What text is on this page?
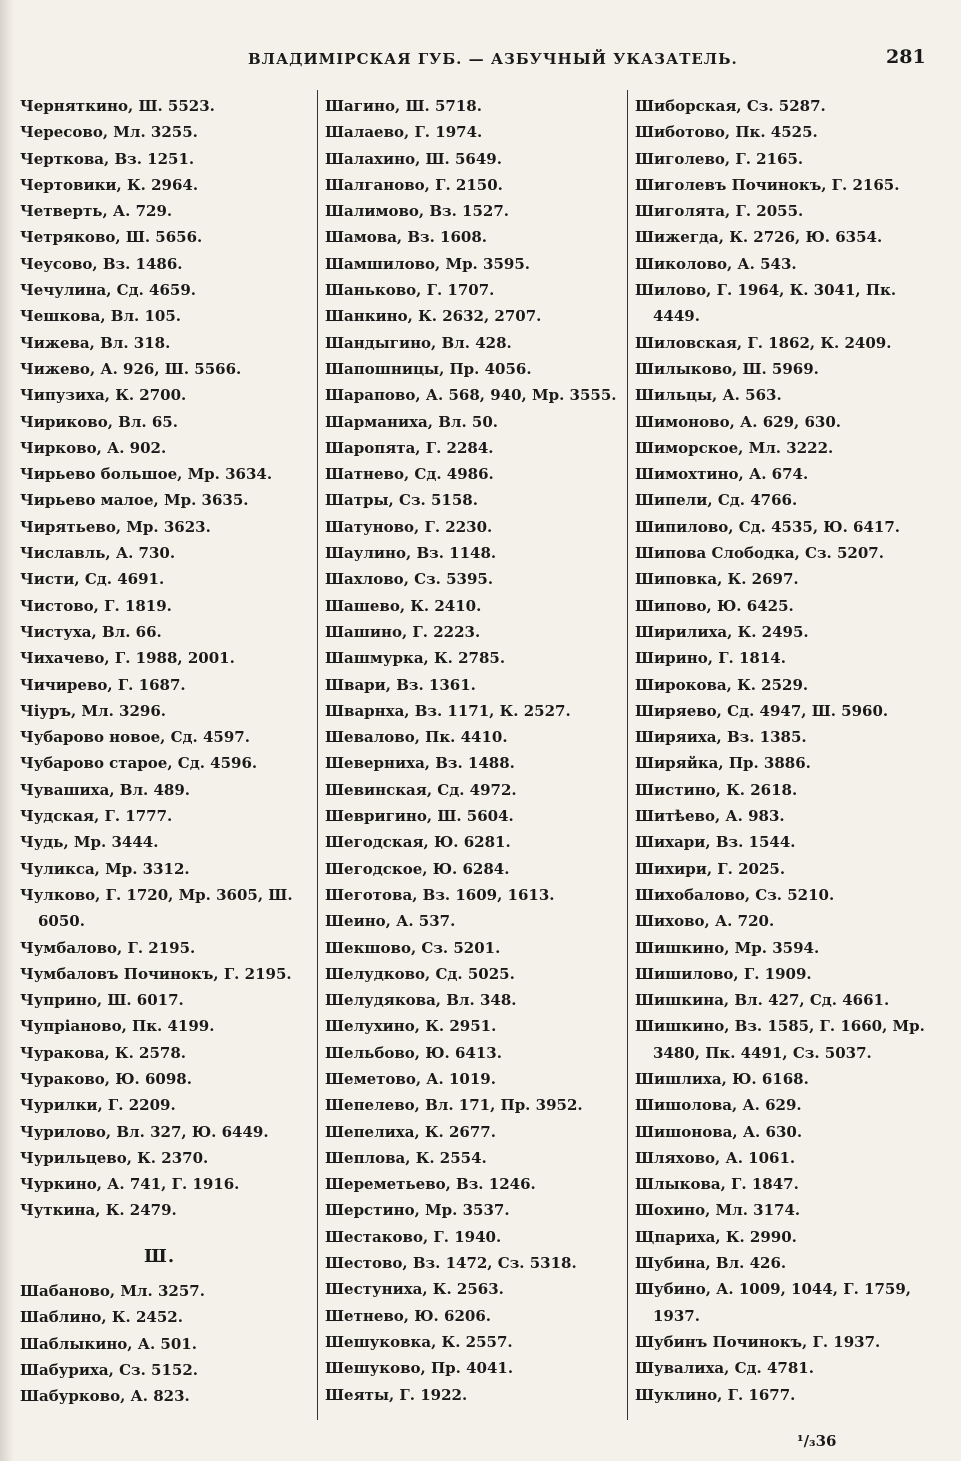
ВЛАДИМІРСКАЯ ГУБ. — АЗБУЧНЫЙ УКАЗАТЕЛЬ.	281
Черняткино, Ш. 5523.
Чересово, Мл. 3255.
Черткова, Вз. 1251.
Чертовики, К. 2964.
Четверть, А. 729.
Четряково, Ш. 5656.
Чеусово, Вз. 1486.
Чечулина, Сд. 4659.
Чешкова, Вл. 105.
Чижева, Вл. 318.
Чижево, А. 926, Ш. 5566.
Чипузиха, К. 2700.
Чириково, Вл. 65.
Чирково, А. 902.
Чирьево большое, Мр. 3634.
Чирьево малое, Мр. 3635.
Чирятьево, Мр. 3623.
Числавль, А. 730.
Чисти, Сд. 4691.
Чистово, Г. 1819.
Чистуха, Вл. 66.
Чихачево, Г. 1988, 2001.
Чичирево, Г. 1687.
Чіуръ, Мл. 3296.
Чубарово новое, Сд. 4597.
Чубарово старое, Сд. 4596.
Чувашиха, Вл. 489.
Чудская, Г. 1777.
Чудь, Мр. 3444.
Чуликса, Мр. 3312.
Чулково, Г. 1720, Мр. 3605, Ш.
6050.
Чумбалово, Г. 2195.
Чумбаловъ Починокъ, Г. 2195.
Чуприно, Ш. 6017.
Чупріаново, Пк. 4199.
Чуракова, К. 2578.
Чураково, Ю. 6098.
Чурилки, Г. 2209.
Чурилово, Вл. 327, Ю. 6449.
Чурильцево, К. 2370.
Чуркино, А. 741, Г. 1916.
Чуткина, К. 2479.
Ш.
Шабаново, Мл. 3257.
Шаблино, К. 2452.
Шаблыкино, А. 501.
Шабуриха, Сз. 5152.
Шабурково, А. 823.
Шагино, Ш. 5718.
Шалаево, Г. 1974.
Шалахино, Ш. 5649.
Шалганово, Г. 2150.
Шалимово, Вз. 1527.
Шамова, Вз. 1608.
Шамшилово, Мр. 3595.
Шаньково, Г. 1707.
Шанкино, К. 2632, 2707.
Шандыгино, Вл. 428.
Шапошницы, Пр. 4056.
Шарапово, А. 568, 940, Мр. 3555.
Шарманиха, Вл. 50.
Шаропята, Г. 2284.
Шатнево, Сд. 4986.
Шатры, Сз. 5158.
Шатуново, Г. 2230.
Шаулино, Вз. 1148.
Шахлово, Сз. 5395.
Шашево, К. 2410.
Шашино, Г. 2223.
Шашмурка, К. 2785.
Швари, Вз. 1361.
Шварнха, Вз. 1171, К. 2527.
Шевалово, Пк. 4410.
Шеверниха, Вз. 1488.
Шевинская, Сд. 4972.
Шевригино, Ш. 5604.
Шегодская, Ю. 6281.
Шегодское, Ю. 6284.
Шеготова, Вз. 1609, 1613.
Шеино, А. 537.
Шекшово, Сз. 5201.
Шелудково, Сд. 5025.
Шелудякова, Вл. 348.
Шелухино, К. 2951.
Шельбово, Ю. 6413.
Шеметово, А. 1019.
Шепелево, Вл. 171, Пр. 3952.
Шепелиха, К. 2677.
Шеплова, К. 2554.
Шереметьево, Вз. 1246.
Шерстино, Мр. 3537.
Шестаково, Г. 1940.
Шестово, Вз. 1472, Сз. 5318.
Шестуниха, К. 2563.
Шетнево, Ю. 6206.
Шешуковка, К. 2557.
Шешуково, Пр. 4041.
Шеяты, Г. 1922.
Шиборская, Сз. 5287.
Шиботово, Пк. 4525.
Шиголево, Г. 2165.
Шиголевъ Починокъ, Г. 2165.
Шиголята, Г. 2055.
Шижегда, К. 2726, Ю. 6354.
Шиколово, А. 543.
Шилово, Г. 1964, К. 3041, Пк.
4449.
Шиловская, Г. 1862, К. 2409.
Шилыково, Ш. 5969.
Шильцы, А. 563.
Шимоново, А. 629, 630.
Шиморское, Мл. 3222.
Шимохтино, А. 674.
Шипели, Сд. 4766.
Шипилово, Сд. 4535, Ю. 6417.
Шипова Слободка, Сз. 5207.
Шиповка, К. 2697.
Шипово, Ю. 6425.
Ширилиха, К. 2495.
Ширино, Г. 1814.
Широкова, К. 2529.
Ширяево, Сд. 4947, Ш. 5960.
Ширяиха, Вз. 1385.
Ширяйка, Пр. 3886.
Шистино, К. 2618.
Шитѣево, А. 983.
Шихари, Вз. 1544.
Шихири, Г. 2025.
Шихобалово, Сз. 5210.
Шихово, А. 720.
Шишкино, Мр. 3594.
Шишилово, Г. 1909.
Шишкина, Вл. 427, Сд. 4661.
Шишкино, Вз. 1585, Г. 1660, Мр.
3480, Пк. 4491, Сз. 5037.
Шишлиха, Ю. 6168.
Шишолова, А. 629.
Шишонова, А. 630.
Шляхово, А. 1061.
Шлыкова, Г. 1847.
Шохино, Мл. 3174.
Щпариха, К. 2990.
Шубина, Вл. 426.
Шубино, А. 1009, 1044, Г. 1759,
1937.
Шубинъ Починокъ, Г. 1937.
Шувалиха, Сд. 4781.
Шуклино, Г. 1677.
¹/₃36
